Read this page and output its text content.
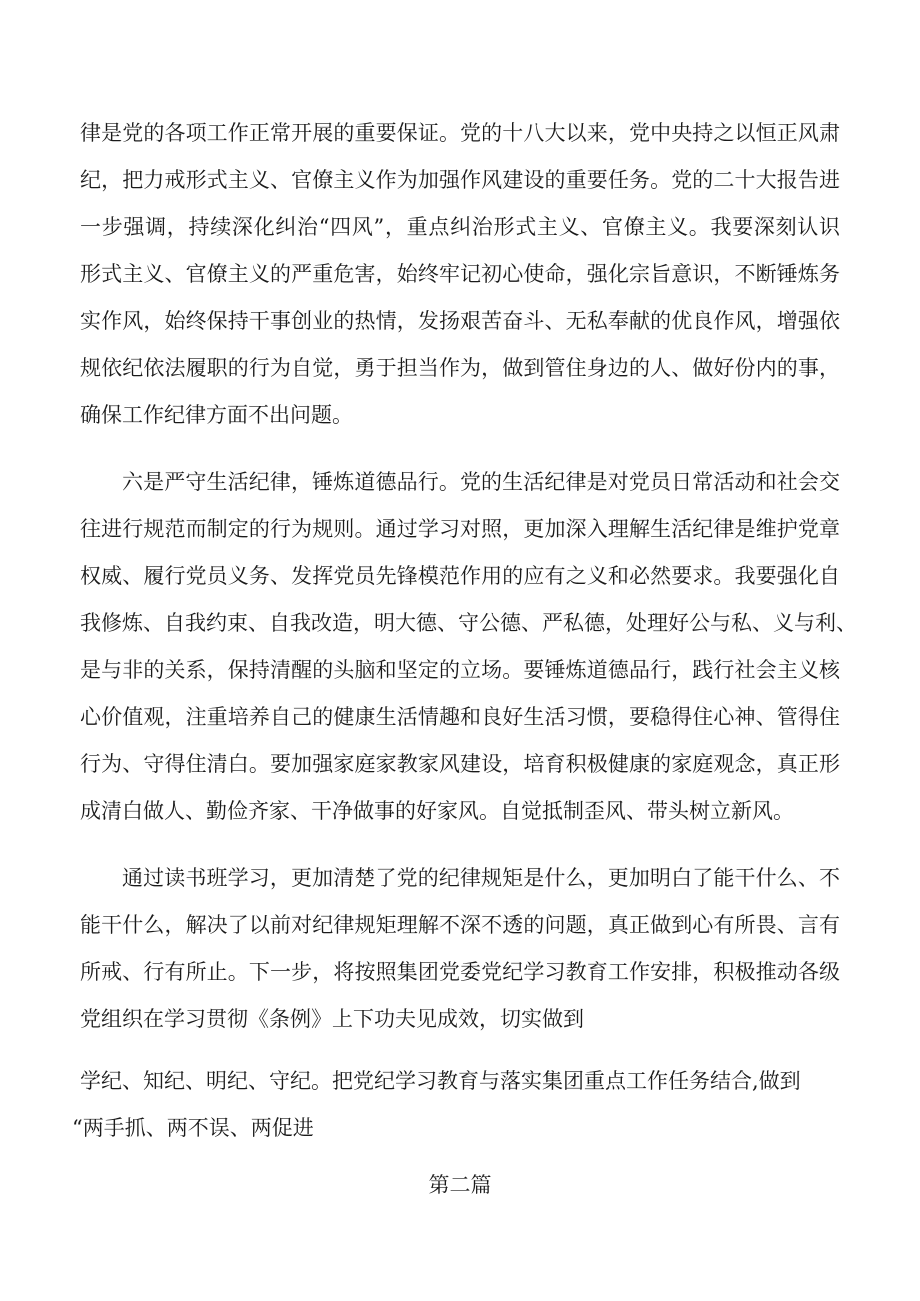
律是党的各项工作正常开展的重要保证。党的十八大以来，党中央持之以恒正风肃
纪，把力戒形式主义、官僚主义作为加强作风建设的重要任务。党的二十大报告进
一步强调，持续深化纠治“四风”，重点纠治形式主义、官僚主义。我要深刻认识
形式主义、官僚主义的严重危害，始终牢记初心使命，强化宗旨意识，不断锤炼务
实作风，始终保持干事创业的热情，发扬艰苦奋斗、无私奉献的优良作风，增强依
规依纪依法履职的行为自觉，勇于担当作为，做到管住身边的人、做好份内的事，
确保工作纪律方面不出问题。
六是严守生活纪律，锤炼道德品行。党的生活纪律是对党员日常活动和社会交
往进行规范而制定的行为规则。通过学习对照，更加深入理解生活纪律是维护党章
权威、履行党员义务、发挥党员先锋模范作用的应有之义和必然要求。我要强化自
我修炼、自我约束、自我改造，明大德、守公德、严私德，处理好公与私、义与利、
是与非的关系，保持清醒的头脑和坚定的立场。要锤炼道德品行，践行社会主义核
心价值观，注重培养自己的健康生活情趣和良好生活习惯，要稳得住心神、管得住
行为、守得住清白。要加强家庭家教家风建设，培育积极健康的家庭观念，真正形
成清白做人、勤俭齐家、干净做事的好家风。自觉抵制歪风、带头树立新风。
通过读书班学习，更加清楚了党的纪律规矩是什么，更加明白了能干什么、不
能干什么，解决了以前对纪律规矩理解不深不透的问题，真正做到心有所畏、言有
所戒、行有所止。下一步，将按照集团党委党纪学习教育工作安排，积极推动各级
党组织在学习贯彻《条例》上下功夫见成效，切实做到
学纪、知纪、明纪、守纪。把党纪学习教育与落实集团重点工作任务结合,做到
“两手抓、两不误、两促进
第二篇
